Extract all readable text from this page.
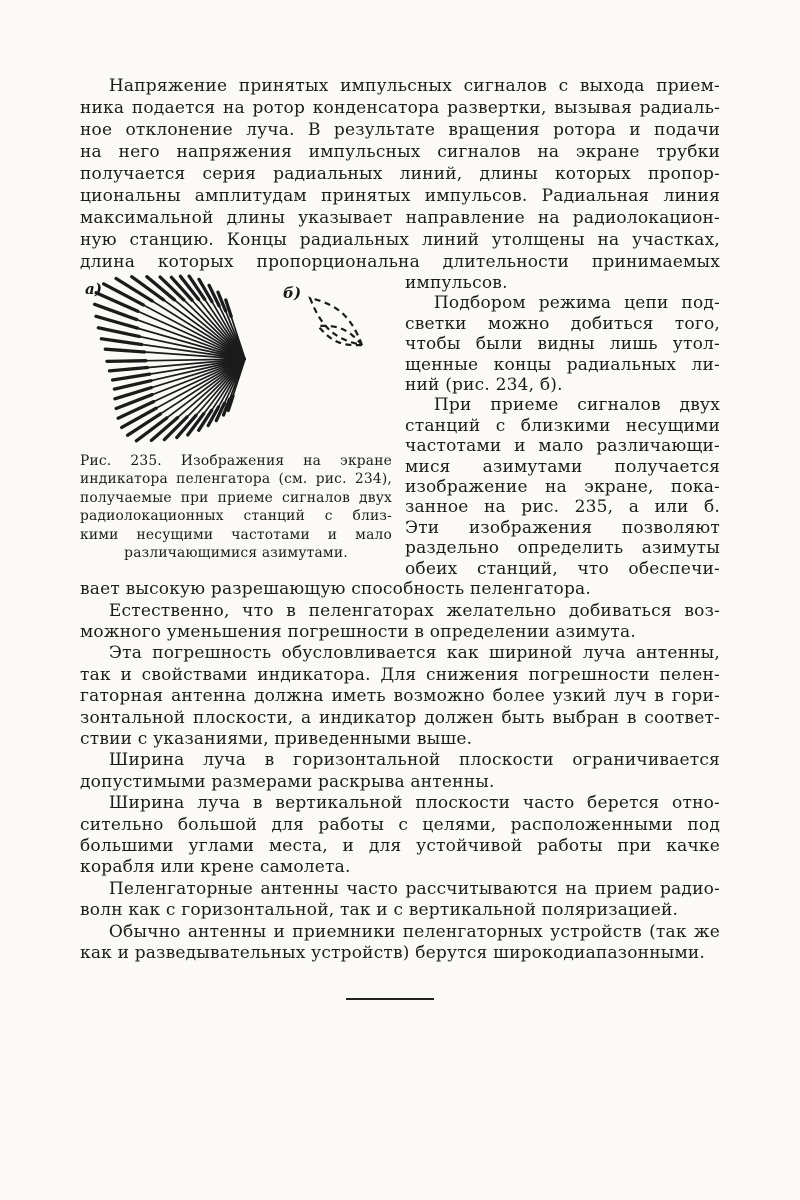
Напряжение принятых импульсных сигналов с выхода прием-
ника подается на ротор конденсатора развертки, вызывая радиаль-
ное отклонение луча. В результате вращения ротора и подачи
на него напряжения импульсных сигналов на экране трубки
получается серия радиальных линий, длины которых пропор-
циональны амплитудам принятых импульсов. Радиальная линия
максимальной длины указывает направление на радиолокацион-
ную станцию. Концы радиальных линий утолщены на участках,
длина которых пропорциональна длительности принимаемых
а)	б)
Рис. 235. Изображения на экране
индикатора пеленгатора (см. рис. 234),
получаемые при приеме сигналов двух
радиолокационных станций с близ-
кими несущими частотами и мало
различающимися азимутами.
импульсов.
Подбором режима цепи под-
светки можно добиться того,
чтобы были видны лишь утол-
щенные концы радиальных ли-
ний (рис. 234, б).
При приеме сигналов двух
станций с близкими несущими
частотами и мало различающи-
мися азимутами получается
изображение на экране, пока-
занное на рис. 235, а или б.
Эти изображения позволяют
раздельно определить азимуты
обеих станций, что обеспечи-
вает высокую разрешающую способность пеленгатора.
Естественно, что в пеленгаторах желательно добиваться воз-
можного уменьшения погрешности в определении азимута.
Эта погрешность обусловливается как шириной луча антенны,
так и свойствами индикатора. Для снижения погрешности пелен-
гаторная антенна должна иметь возможно более узкий луч в гори-
зонтальной плоскости, а индикатор должен быть выбран в соответ-
ствии с указаниями, приведенными выше.
Ширина луча в горизонтальной плоскости ограничивается
допустимыми размерами раскрыва антенны.
Ширина луча в вертикальной плоскости часто берется отно-
сительно большой для работы с целями, расположенными под
большими углами места, и для устойчивой работы при качке
корабля или крене самолета.
Пеленгаторные антенны часто рассчитываются на прием радио-
волн как с горизонтальной, так и с вертикальной поляризацией.
Обычно антенны и приемники пеленгаторных устройств (так же
как и разведывательных устройств) берутся широкодиапазонными.
